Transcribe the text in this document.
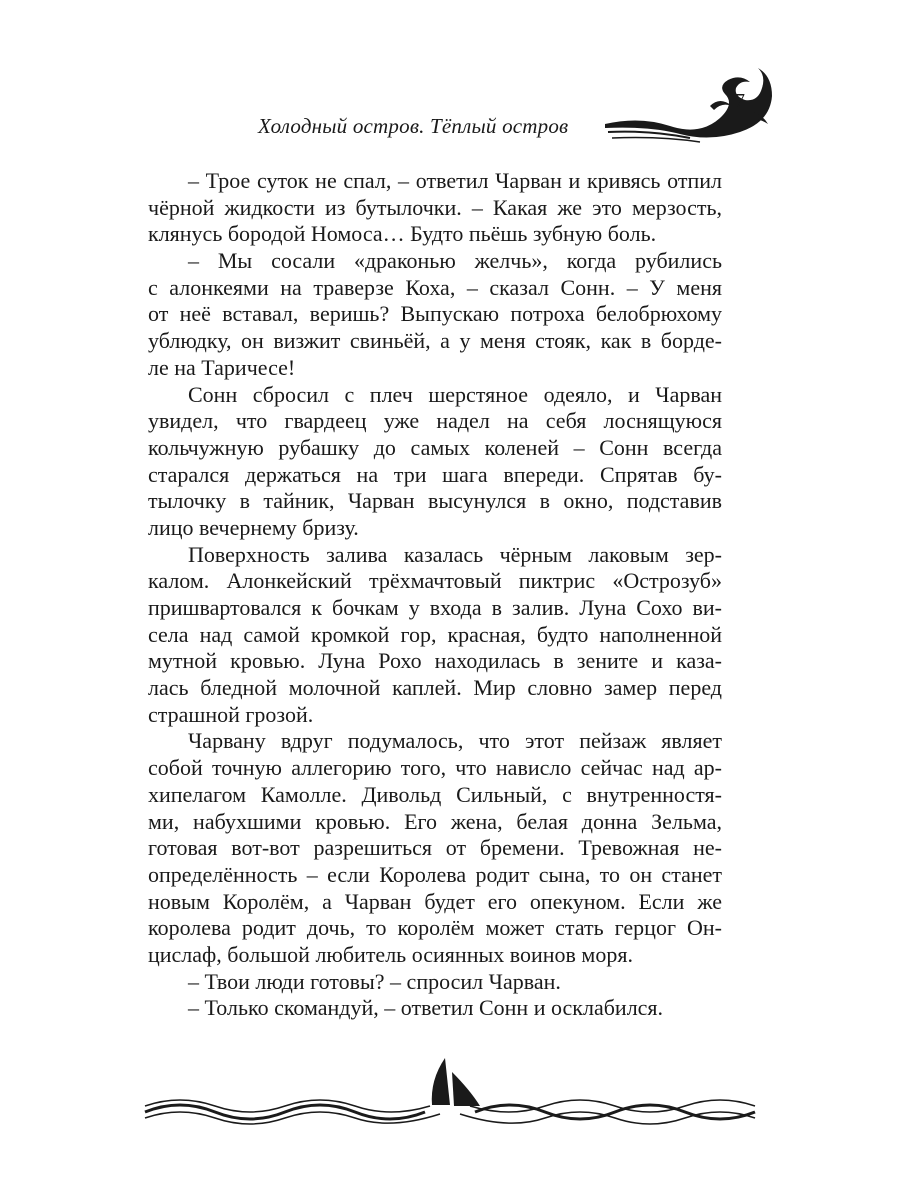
Холодный остров. Тёплый остров
7
– Трое суток не спал, – ответил Чарван и кривясь отпил
чёрной жидкости из бутылочки. – Какая же это мерзость,
клянусь бородой Номоса… Будто пьёшь зубную боль.
– Мы сосали «драконью желчь», когда рубились
с алонкеями на траверзе Коха, – сказал Сонн. – У меня
от неё вставал, веришь? Выпускаю потроха белобрюхому
ублюдку, он визжит свиньёй, а у меня стояк, как в борде-
ле на Таричесе!
Сонн сбросил с плеч шерстяное одеяло, и Чарван
увидел, что гвардеец уже надел на себя лоснящуюся
кольчужную рубашку до самых коленей – Сонн всегда
старался держаться на три шага впереди. Спрятав бу-
тылочку в тайник, Чарван высунулся в окно, подставив
лицо вечернему бризу.
Поверхность залива казалась чёрным лаковым зер-
калом. Алонкейский трёхмачтовый пиктрис «Острозуб»
пришвартовался к бочкам у входа в залив. Луна Сохо ви-
села над самой кромкой гор, красная, будто наполненной
мутной кровью. Луна Рохо находилась в зените и каза-
лась бледной молочной каплей. Мир словно замер перед
страшной грозой.
Чарвану вдруг подумалось, что этот пейзаж являет
собой точную аллегорию того, что нависло сейчас над ар-
хипелагом Камолле. Дивольд Сильный, с внутренностя-
ми, набухшими кровью. Его жена, белая донна Зельма,
готовая вот-вот разрешиться от бремени. Тревожная не-
определённость – если Королева родит сына, то он станет
новым Королём, а Чарван будет его опекуном. Если же
королева родит дочь, то королём может стать герцог Он-
цислаф, большой любитель осиянных воинов моря.
– Твои люди готовы? – спросил Чарван.
– Только скомандуй, – ответил Сонн и осклабился.
